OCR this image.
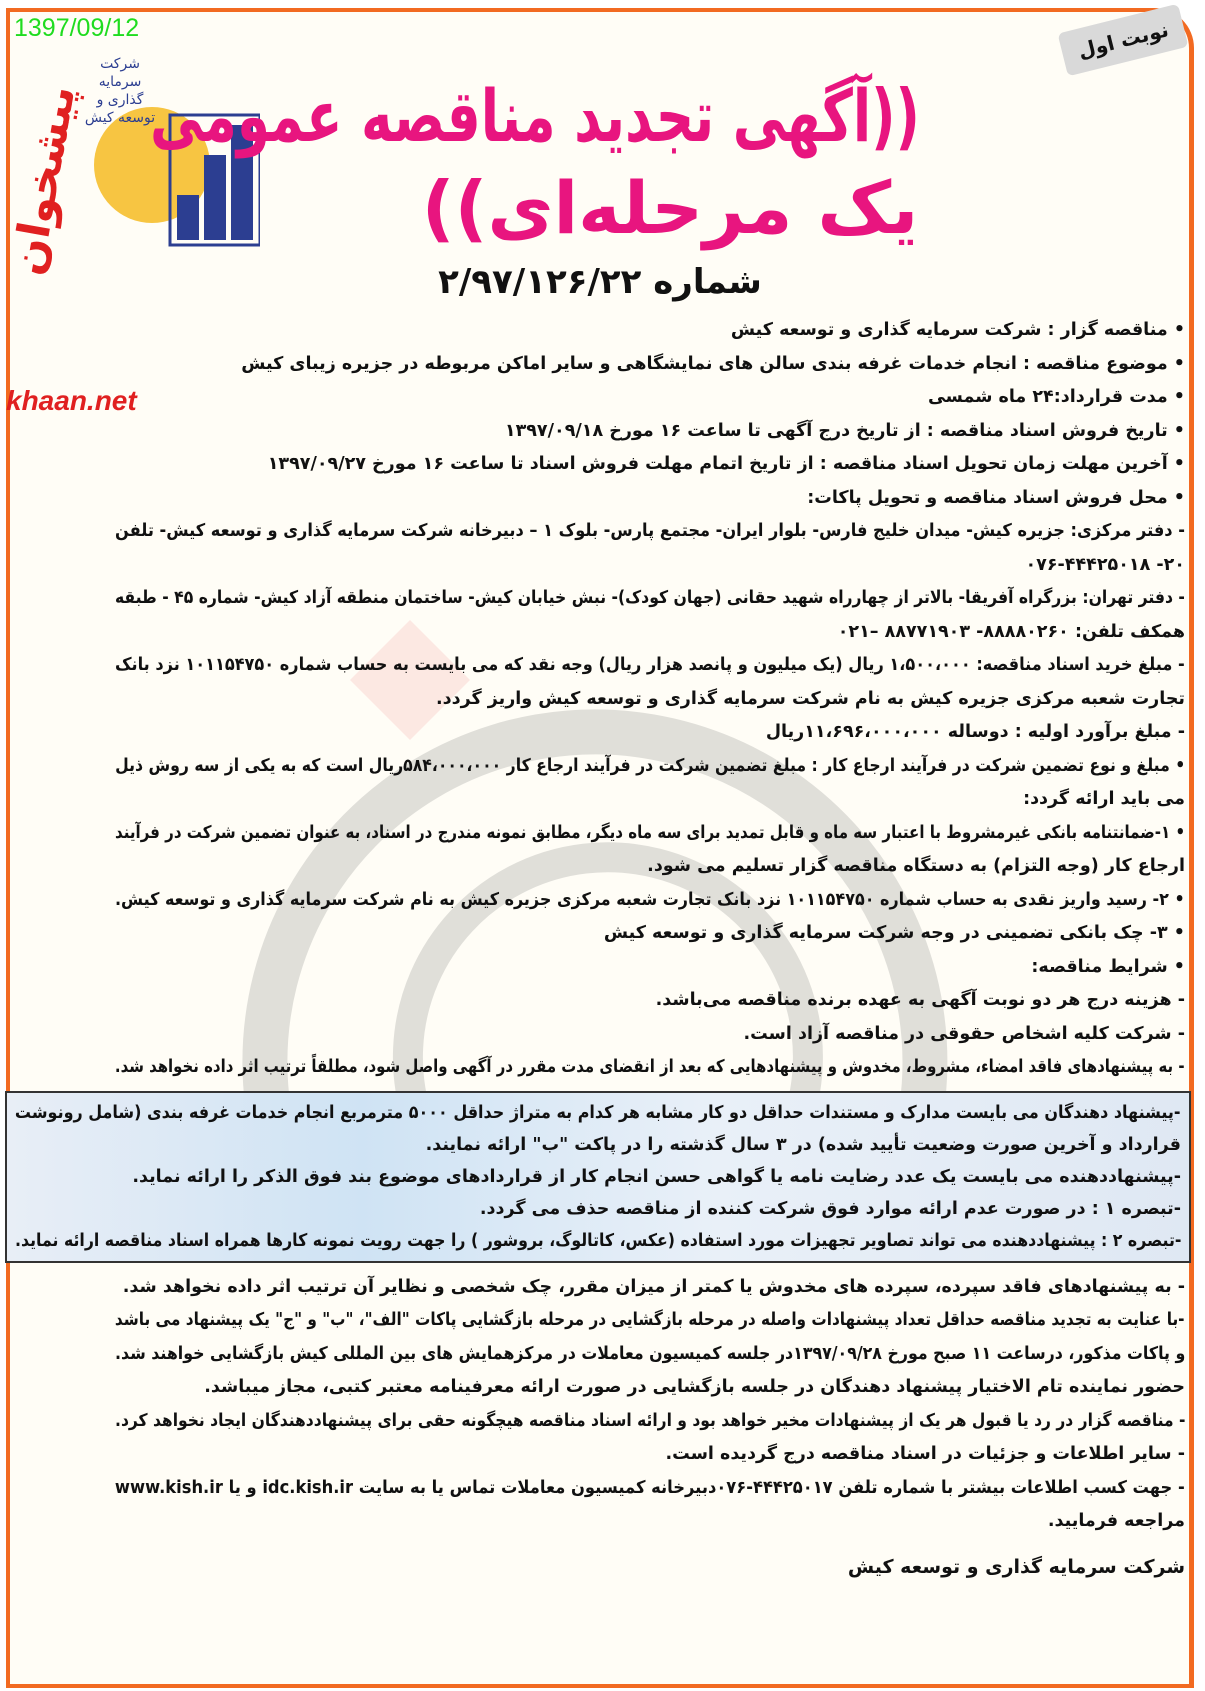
1397/09/12	نوبت اول
شرکت سرمایه گذاری و توسعه کیش
پیشخوان
khaan.net
((آگهی تجدید مناقصه عمومی
یک مرحله‌ای))
شماره ۲/۹۷/۱۲۶/۲۲
• مناقصه گزار : شرکت سرمایه گذاری و توسعه کیش
• موضوع مناقصه : انجام خدمات غرفه بندی سالن های نمایشگاهی و سایر اماکن مربوطه در جزیره زیبای کیش
• مدت قرارداد:۲۴ ماه شمسی
• تاریخ فروش اسناد مناقصه : از تاریخ درج آگهی تا ساعت ۱۶ مورخ ۱۳۹۷/۰۹/۱۸
• آخرین مهلت زمان تحویل اسناد مناقصه : از تاریخ اتمام مهلت فروش اسناد تا ساعت ۱۶ مورخ ۱۳۹۷/۰۹/۲۷
• محل فروش اسناد مناقصه و تحویل پاکات:
- دفتر مرکزی: جزیره کیش- میدان خلیج فارس- بلوار ایران- مجتمع پارس- بلوک ۱ – دبیرخانه شرکت سرمایه گذاری و توسعه کیش- تلفن
۲۰- ۰۷۶-۴۴۴۲۵۰۱۸
- دفتر تهران: بزرگراه آفریقا- بالاتر از چهارراه شهید حقانی (جهان کودک)- نبش خیابان کیش- ساختمان منطقه آزاد کیش- شماره ۴۵ - طبقه
همکف تلفن: ۸۸۸۸۰۲۶۰- ۸۸۷۷۱۹۰۳ –۰۲۱
- مبلغ خرید اسناد مناقصه: ۱،۵۰۰،۰۰۰ ریال (یک میلیون و پانصد هزار ریال) وجه نقد که می بایست به حساب شماره ۱۰۱۱۵۴۷۵۰ نزد بانک
تجارت شعبه مرکزی جزیره کیش به نام شرکت سرمایه گذاری و توسعه کیش واریز گردد.
- مبلغ برآورد اولیه : دوساله ۱۱،۶۹۶،۰۰۰،۰۰۰ریال
• مبلغ و نوع تضمین شرکت در فرآیند ارجاع کار : مبلغ تضمین شرکت در فرآیند ارجاع کار ۵۸۴،۰۰۰،۰۰۰ریال است که به یکی از سه روش ذیل
می باید ارائه گردد:
• ۱-ضمانتنامه بانکی غیرمشروط با اعتبار سه ماه و قابل تمدید برای سه ماه دیگر، مطابق نمونه مندرج در اسناد، به عنوان تضمین شرکت در فرآیند
ارجاع کار (وجه التزام) به دستگاه مناقصه گزار تسلیم می شود.
• ۲- رسید واریز نقدی به حساب شماره ۱۰۱۱۵۴۷۵۰ نزد بانک تجارت شعبه مرکزی جزیره کیش به نام شرکت سرمایه گذاری و توسعه کیش.
• ۳- چک بانکی تضمینی در وجه شرکت سرمایه گذاری و توسعه کیش
• شرایط مناقصه:
- هزینه درج هر دو نوبت آگهی به عهده برنده مناقصه می‌باشد.
- شرکت کلیه اشخاص حقوقی در مناقصه آزاد است.
- به پیشنهادهای فاقد امضاء، مشروط، مخدوش و پیشنهادهایی که بعد از انقضای مدت مقرر در آگهی واصل شود، مطلقاً ترتیب اثر داده نخواهد شد.
-پیشنهاد دهندگان می بایست مدارک و مستندات حداقل دو کار مشابه هر کدام به متراژ حداقل ۵۰۰۰ مترمربع انجام خدمات غرفه بندی (شامل رونوشت
قرارداد و آخرین صورت وضعیت تأیید شده) در ۳ سال گذشته را در پاکت "ب" ارائه نمایند.
-پیشنهاددهنده می بایست یک عدد رضایت نامه یا گواهی حسن انجام کار از قراردادهای موضوع بند فوق الذکر را ارائه نماید.
-تبصره ۱ : در صورت عدم ارائه موارد فوق شرکت کننده از مناقصه حذف می گردد.
-تبصره ۲ : پیشنهاددهنده می تواند تصاویر تجهیزات مورد استفاده (عکس، کاتالوگ، بروشور ) را جهت رویت نمونه کارها همراه اسناد مناقصه ارائه نماید.
- به پیشنهادهای فاقد سپرده، سپرده های مخدوش یا کمتر از میزان مقرر، چک شخصی و نظایر آن ترتیب اثر داده نخواهد شد.
-با عنایت به تجدید مناقصه حداقل تعداد پیشنهادات واصله در مرحله بازگشایی در مرحله بازگشایی پاکات "الف"، "ب" و "ج" یک پیشنهاد می باشد
و پاکات مذکور، درساعت ۱۱ صبح مورخ ۱۳۹۷/۰۹/۲۸در جلسه کمیسیون معاملات در مرکزهمایش های بین المللی کیش بازگشایی خواهند شد.
حضور نماینده تام الاختیار پیشنهاد دهندگان در جلسه بازگشایی در صورت ارائه معرفینامه معتبر کتبی، مجاز میباشد.
- مناقصه گزار در رد یا قبول هر یک از پیشنهادات مخیر خواهد بود و ارائه اسناد مناقصه هیچگونه حقی برای پیشنهاددهندگان ایجاد نخواهد کرد.
- سایر اطلاعات و جزئیات در اسناد مناقصه درج گردیده است.
- جهت کسب اطلاعات بیشتر با شماره تلفن ۴۴۴۲۵۰۱۷-۰۷۶دبیرخانه کمیسیون معاملات تماس یا به سایت idc.kish.ir و یا www.kish.ir
مراجعه فرمایید.
شرکت سرمایه گذاری و توسعه کیش
